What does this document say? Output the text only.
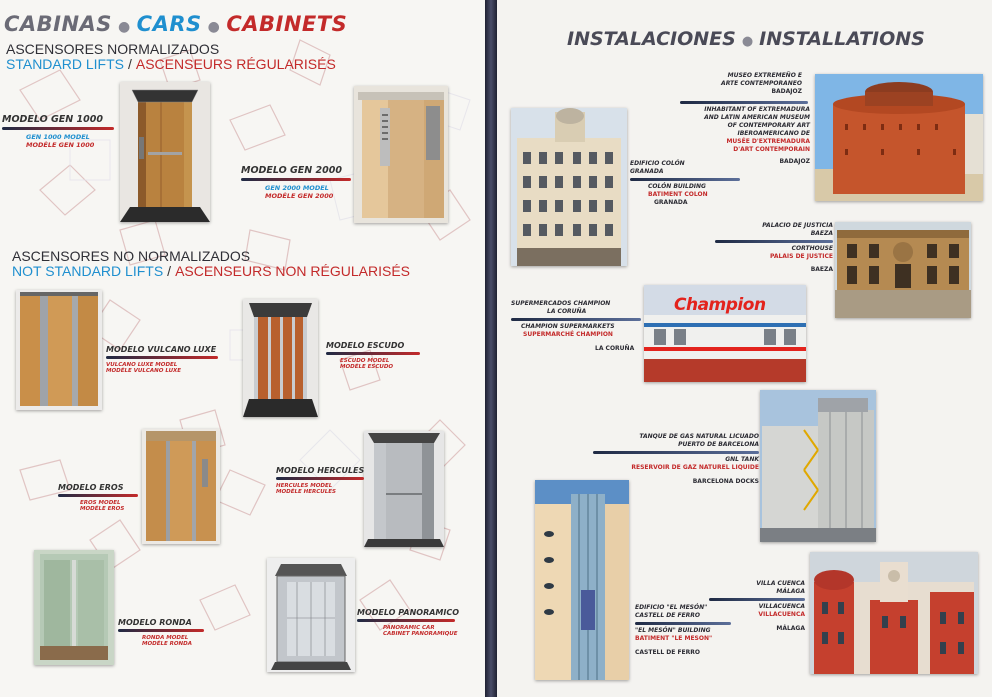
CABINAS ● CARS ● CABINETS
ASCENSORES NORMALIZADOS
STANDARD LIFTS / ASCENSEURS RÉGULARISÉS
ASCENSORES NO NORMALIZADOS
NOT STANDARD LIFTS / ASCENSEURS NON RÉGULARISÉS
MODELO GEN 1000
GEN 1000 MODEL
MODÈLE GEN 1000
MODELO GEN 2000
GEN 2000 MODEL
MODÈLE GEN 2000
MODELO VULCANO LUXE
VULCANO LUXE MODEL
MODÈLE VULCANO LUXE
MODELO ESCUDO
ESCUDO MODEL
MODÈLE ESCUDO
MODELO EROS
EROS MODEL
MODÈLE EROS
MODELO HERCULES
HERCULES MODEL
MODÈLE HERCULES
MODELO RONDA
RONDA MODEL
MODÈLE RONDA
MODELO PANORAMICO
PANORAMIC CAR
CABINET PANORAMIQUE
INSTALACIONES ● INSTALLATIONS
MUSEO EXTREMEÑO E
ARTE CONTEMPORANEO
BADAJOZ
INHABITANT OF EXTREMADURA
AND LATIN AMERICAN MUSEUM
OF CONTEMPORARY ART
IBEROAMERICANO DE
MUSÉE D'EXTREMADURA
D'ART CONTEMPORAIN
BADAJOZ
EDIFICIO COLÓN
GRANADA
COLÓN BUILDING
BATIMENT COLON
GRANADA
PALACIO DE JUSTICIA
BAEZA
CORTHOUSE
PALAIS DE JUSTICE
BAEZA
SUPERMERCADOS CHAMPION
LA CORUÑA
CHAMPION SUPERMARKETS
SUPERMARCHÉ CHAMPION
LA CORUÑA
Champion
TANQUE DE GAS NATURAL LICUADO
PUERTO DE BARCELONA
GNL TANK
RESERVOIR DE GAZ NATUREL LIQUIDE
BARCELONA DOCKS
EDIFICIO "EL MESÓN"
CASTELL DE FERRO
"EL MESÓN" BUILDING
BATIMENT "LE MESON"
CASTELL DE FERRO
VILLA CUENCA
MÁLAGA
VILLACUENCA
VILLACUENCA
MÁLAGA
